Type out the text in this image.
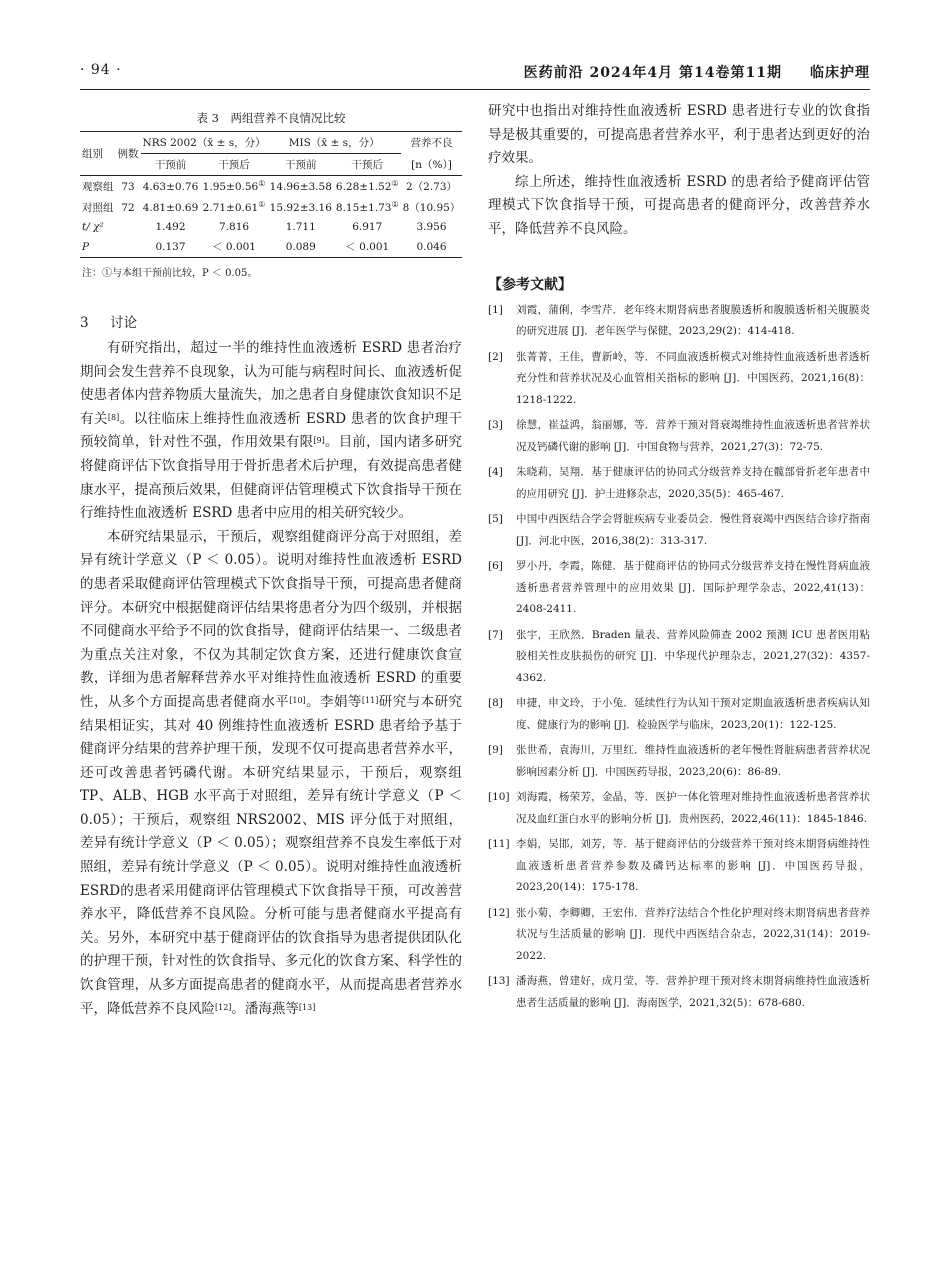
· 94 ·	医药前沿 2024年4月 第14卷第11期 临床护理
表 3　两组营养不良情况比较
组别	例数	NRS 2002（x̄ ± s，分）		MIS（x̄ ± s，分）		营养不良
		干预前	干预后	干预前	干预后	[n（%）]
观察组	73	4.63±0.76	1.95±0.56①	14.96±3.58	6.28±1.52①	2（2.73）
对照组	72	4.81±0.69	2.71±0.61①	15.92±3.16	8.15±1.73①	8（10.95）
t/ χ²		1.492	7.816	1.711	6.917	3.956
P		0.137	＜ 0.001	0.089	＜ 0.001	0.046
注：①与本组干预前比较，P ＜ 0.05。
3 讨论

有研究指出，超过一半的维持性血液透析 ESRD 患者治疗期间会发生营养不良现象，认为可能与病程时间长、血液透析促使患者体内营养物质大量流失，加之患者自身健康饮食知识不足有关[8]。以往临床上维持性血液透析 ESRD 患者的饮食护理干预较简单，针对性不强，作用效果有限[9]。目前，国内诸多研究将健商评估下饮食指导用于骨折患者术后护理，有效提高患者健康水平，提高预后效果，但健商评估管理模式下饮食指导干预在行维持性血液透析 ESRD 患者中应用的相关研究较少。

本研究结果显示，干预后，观察组健商评分高于对照组，差异有统计学意义（P ＜ 0.05）。说明对维持性血液透析 ESRD 的患者采取健商评估管理模式下饮食指导干预，可提高患者健商评分。本研究中根据健商评估结果将患者分为四个级别，并根据不同健商水平给予不同的饮食指导，健商评估结果一、二级患者为重点关注对象，不仅为其制定饮食方案，还进行健康饮食宣教，详细为患者解释营养水平对维持性血液透析 ESRD 的重要性，从多个方面提高患者健商水平[10]。李娟等[11]研究与本研究结果相证实，其对 40 例维持性血液透析 ESRD 患者给予基于健商评分结果的营养护理干预，发现不仅可提高患者营养水平，还可改善患者钙磷代谢。本研究结果显示，干预后，观察组 TP、ALB、HGB 水平高于对照组，差异有统计学意义（P ＜ 0.05）；干预后，观察组 NRS2002、MIS 评分低于对照组，差异有统计学意义（P ＜ 0.05）；观察组营养不良发生率低于对照组，差异有统计学意义（P ＜ 0.05）。说明对维持性血液透析ESRD的患者采用健商评估管理模式下饮食指导干预，可改善营养水平，降低营养不良风险。分析可能与患者健商水平提高有关。另外，本研究中基于健商评估的饮食指导为患者提供团队化的护理干预，针对性的饮食指导、多元化的饮食方案、科学性的饮食管理，从多方面提高患者的健商水平，从而提高患者营养水平，降低营养不良风险[12]。潘海燕等[13]

研究中也指出对维持性血液透析 ESRD 患者进行专业的饮食指导是极其重要的，可提高患者营养水平，利于患者达到更好的治疗效果。

综上所述，维持性血液透析 ESRD 的患者给予健商评估管理模式下饮食指导干预，可提高患者的健商评分，改善营养水平，降低营养不良风险。

【参考文献】
[1]	刘霞，蒲俐，李雪芹．老年终末期肾病患者腹膜透析和腹膜透析相关腹膜炎的研究进展 [J]．老年医学与保健，2023,29(2)：414-418.
[2]	张菁菁，王佳，曹新岭，等．不同血液透析模式对维持性血液透析患者透析充分性和营养状况及心血管相关指标的影响 [J]．中国医药，2021,16(8)：1218-1222.
[3]	徐慧，崔益鸿，翁丽娜，等．营养干预对肾衰竭维持性血液透析患者营养状况及钙磷代谢的影响 [J]．中国食物与营养，2021,27(3)：72-75.
[4]	朱晓莉，吴翔．基于健康评估的协同式分级营养支持在髋部骨折老年患者中的应用研究 [J]．护士进修杂志，2020,35(5)：465-467.
[5]	中国中西医结合学会肾脏疾病专业委员会．慢性肾衰竭中西医结合诊疗指南 [J]．河北中医，2016,38(2)：313-317.
[6]	罗小丹，李霞，陈健．基于健商评估的协同式分级营养支持在慢性肾病血液透析患者营养管理中的应用效果 [J]．国际护理学杂志，2022,41(13)：2408-2411.
[7]	张宇，王欣然．Braden 量表、营养风险筛查 2002 预测 ICU 患者医用粘胶相关性皮肤损伤的研究 [J]．中华现代护理杂志，2021,27(32)：4357-4362.
[8]	申捷，申文玲，于小兔．延续性行为认知干预对定期血液透析患者疾病认知度、健康行为的影响 [J]．检验医学与临床，2023,20(1)：122-125.
[9]	张世希，袁海川，万里红．维持性血液透析的老年慢性肾脏病患者营养状况影响因素分析 [J]．中国医药导报，2023,20(6)：86-89.
[10] 刘海霞，杨荣芳，金晶，等．医护一体化管理对维持性血液透析患者营养状况及血红蛋白水平的影响分析 [J]．贵州医药，2022,46(11)：1845-1846.
[11] 李娟，吴邯，刘芳，等．基于健商评估的分级营养干预对终末期肾病维持性血液透析患者营养参数及磷钙达标率的影响 [J]．中国医药导报，2023,20(14)：175-178.
[12] 张小菊，李卿卿，王宏伟．营养疗法结合个性化护理对终末期肾病患者营养状况与生活质量的影响 [J]．现代中西医结合杂志，2022,31(14)：2019-2022.
[13] 潘海燕，曾建好，成月莹，等．营养护理干预对终末期肾病维持性血液透析患者生活质量的影响 [J]．海南医学，2021,32(5)：678-680.
